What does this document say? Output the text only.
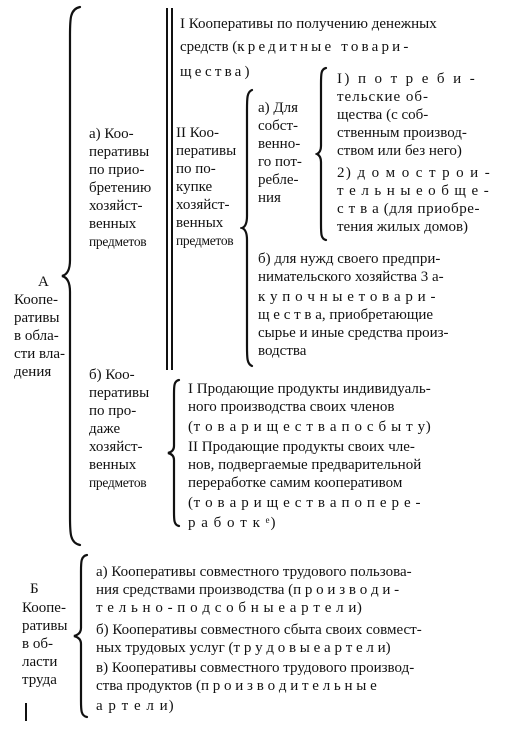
А
Коопе-
ративы
в обла-
сти вла-
дения
а) Коо-
перативы
по прио-
бретению
хозяйст-
венных
предметов
I Кооперативы по получению денежных
средств (кредитные товари-
щества)
II Коо-
перативы
по по-
купке
хозяйст-
венных
предметов
а) Для
собст-
венно-
го пот-
ребле-
ния
I) п о т р е б и -
тельские об-
щества (с соб-
ственным производ-
ством или без него)
2) д о м о с т р о и -
т е л ь н ы е о б щ е -
с т в а (для приобре-
тения жилых домов)
б) для нужд своего предпри-
нимательского хозяйства 3 а-
к у п о ч н ы е т о в а р и -
щ е с т в а, приобретающие
сырье и иные средства произ-
водства
б) Коо-
перативы
по про-
даже
хозяйст-
венных
предметов
I Продающие продукты индивидуаль-
ного производства своих членов
(т о в а р и щ е с т в а п о с б ы т у)
II Продающие продукты своих чле-
нов, подвергаемые предварительной
переработке самим кооперативом
(т о в а р и щ е с т в а п о п е р е -
р а б о т к ᵉ)
Б
Коопе-
ративы
в об-
ласти
труда
а) Кооперативы совместного трудового пользова-
ния средствами производства (п р о и з в о д и -
т е л ь н о - п о д с о б н ы е а р т е л и)
б) Кооперативы совместного сбыта своих совмест-
ных трудовых услуг (т р у д о в ы е а р т е л и)
в) Кооперативы совместного трудового производ-
ства продуктов (п р о и з в о д и т е л ь н ы е
а р т е л и)
